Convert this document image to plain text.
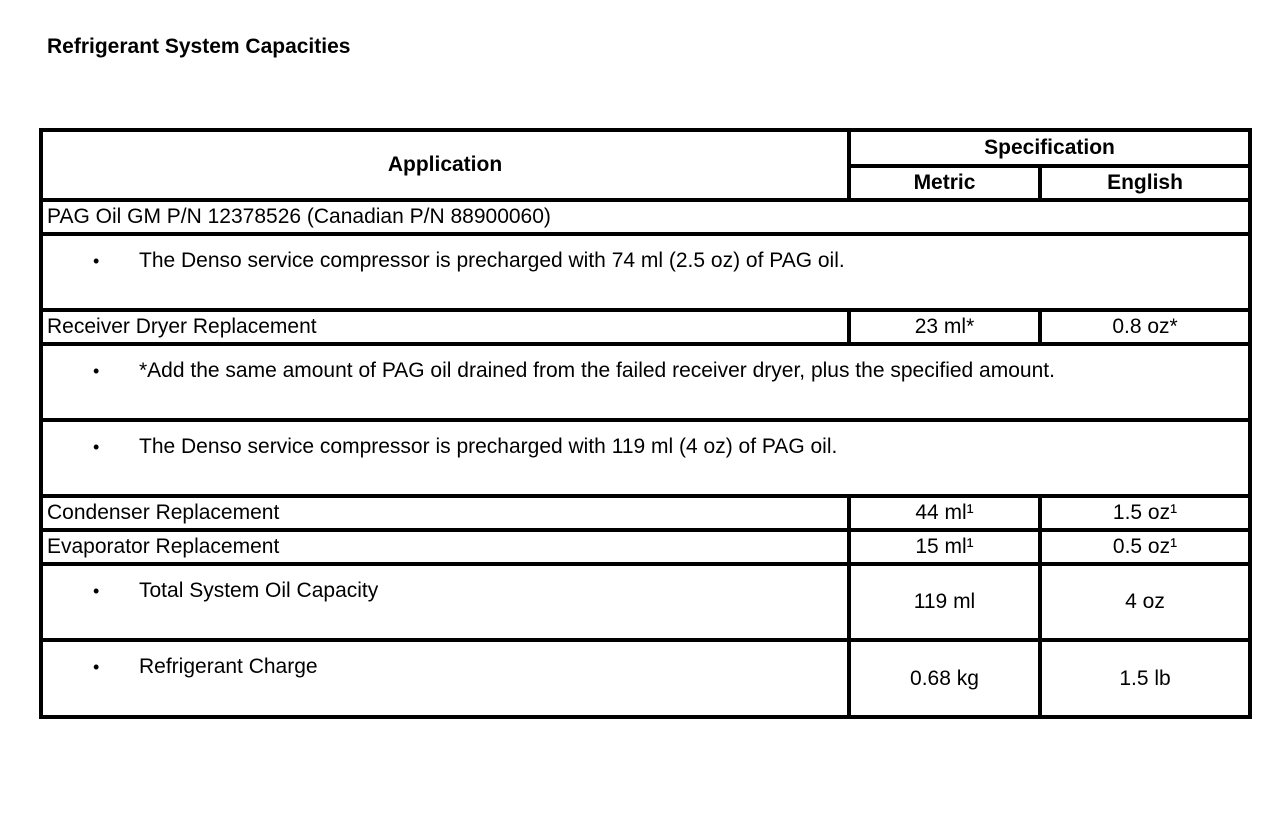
Refrigerant System Capacities
Application	Specification	
	Metric	English
PAG Oil GM P/N 12378526 (Canadian P/N 88900060)		
• The Denso service compressor is precharged with 74 ml (2.5 oz) of PAG oil.		
Receiver Dryer Replacement	23 ml*	0.8 oz*
• *Add the same amount of PAG oil drained from the failed receiver dryer, plus the specified amount.		
• The Denso service compressor is precharged with 119 ml (4 oz) of PAG oil.		
Condenser Replacement	44 ml¹	1.5 oz¹
Evaporator Replacement	15 ml¹	0.5 oz¹
• Total System Oil Capacity	119 ml	4 oz
• Refrigerant Charge	0.68 kg	1.5 lb
